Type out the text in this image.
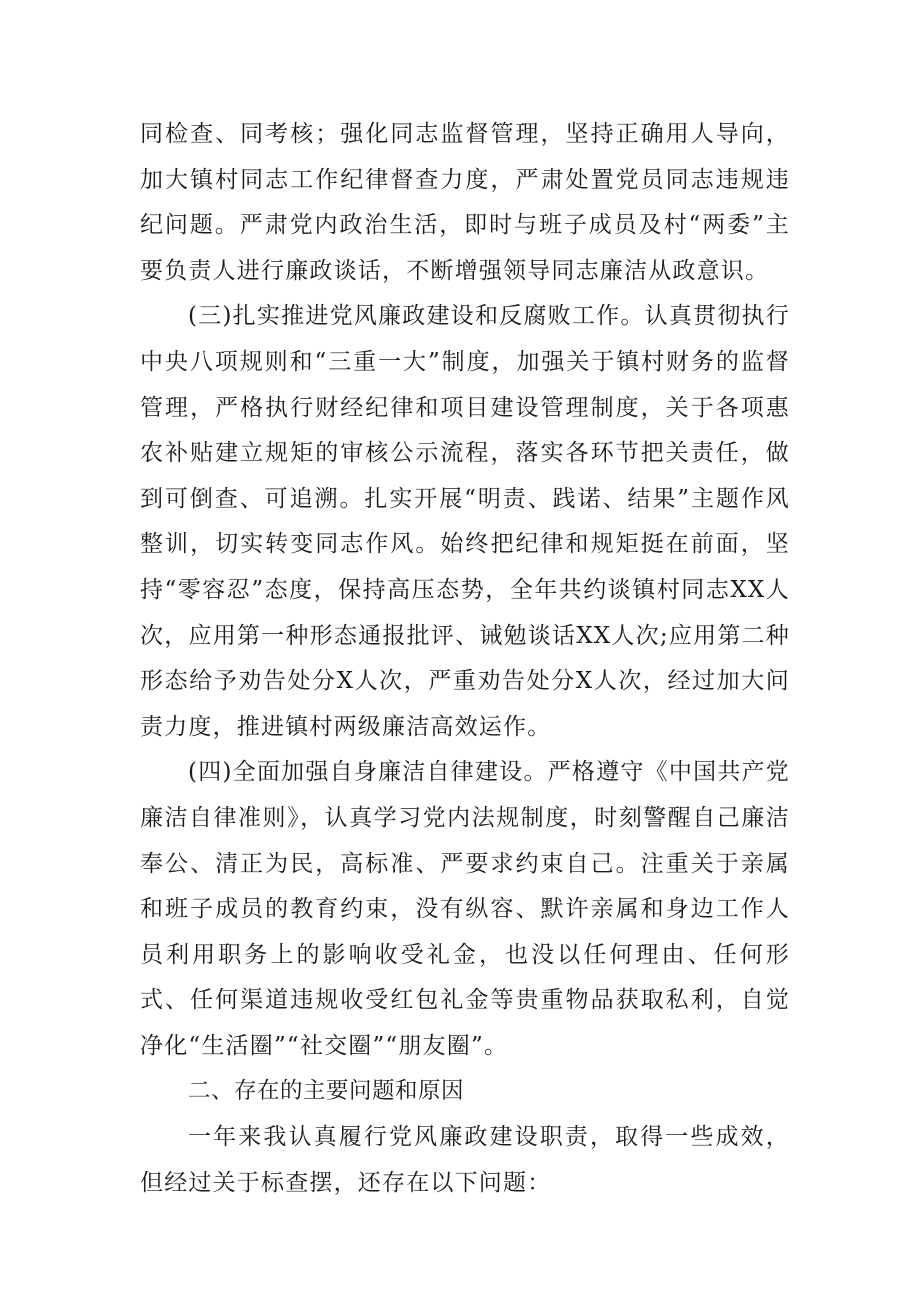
同检查、同考核；强化同志监督管理，坚持正确用人导向，加大镇村同志工作纪律督查力度，严肃处置党员同志违规违纪问题。严肃党内政治生活，即时与班子成员及村“两委”主要负责人进行廉政谈话，不断增强领导同志廉洁从政意识。

(三)扎实推进党风廉政建设和反腐败工作。认真贯彻执行中央八项规则和“三重一大”制度，加强关于镇村财务的监督管理，严格执行财经纪律和项目建设管理制度，关于各项惠农补贴建立规矩的审核公示流程，落实各环节把关责任，做到可倒查、可追溯。扎实开展“明责、践诺、结果”主题作风整训，切实转变同志作风。始终把纪律和规矩挺在前面，坚持“零容忍”态度，保持高压态势，全年共约谈镇村同志XX人次，应用第一种形态通报批评、诫勉谈话XX人次;应用第二种形态给予劝告处分X人次，严重劝告处分X人次，经过加大问责力度，推进镇村两级廉洁高效运作。

(四)全面加强自身廉洁自律建设。严格遵守《中国共产党廉洁自律准则》，认真学习党内法规制度，时刻警醒自己廉洁奉公、清正为民，高标准、严要求约束自己。注重关于亲属和班子成员的教育约束，没有纵容、默许亲属和身边工作人员利用职务上的影响收受礼金，也没以任何理由、任何形式、任何渠道违规收受红包礼金等贵重物品获取私利，自觉净化“生活圈”“社交圈”“朋友圈”。

二、存在的主要问题和原因

一年来我认真履行党风廉政建设职责，取得一些成效，但经过关于标查摆，还存在以下问题：
